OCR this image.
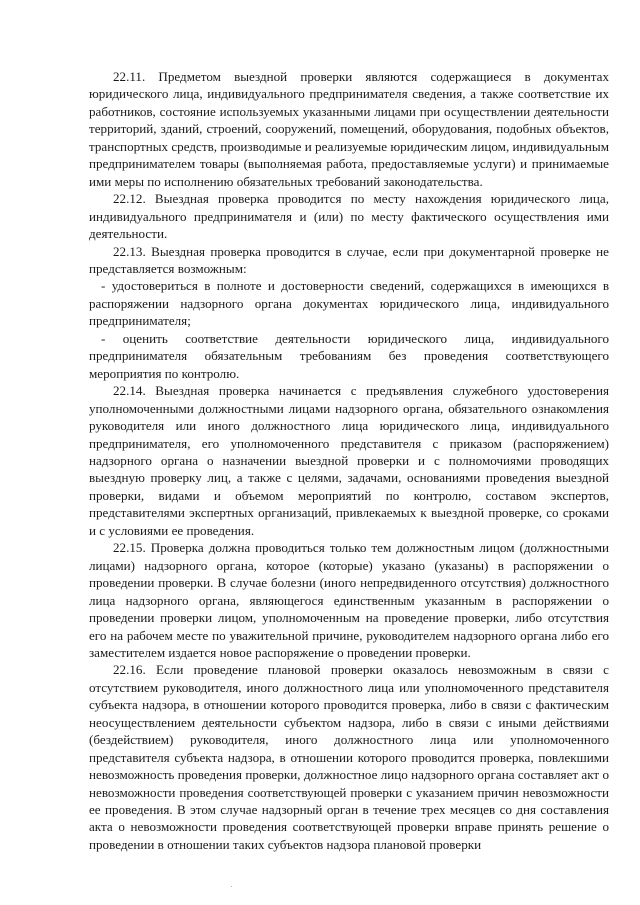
22.11. Предметом выездной проверки являются содержащиеся в документах юридического лица, индивидуального предпринимателя сведения, а также соответствие их работников, состояние используемых указанными лицами при осуществлении деятельности территорий, зданий, строений, сооружений, помещений, оборудования, подобных объектов, транспортных средств, производимые и реализуемые юридическим лицом, индивидуальным предпринимателем товары (выполняемая работа, предоставляемые услуги) и принимаемые ими меры по исполнению обязательных требований законодательства.

22.12. Выездная проверка проводится по месту нахождения юридического лица, индивидуального предпринимателя и (или) по месту фактического осуществления ими деятельности.

22.13. Выездная проверка проводится в случае, если при документарной проверке не представляется возможным:

- удостовериться в полноте и достоверности сведений, содержащихся в имеющихся в распоряжении надзорного органа документах юридического лица, индивидуального предпринимателя;

- оценить соответствие деятельности юридического лица, индивидуального предпринимателя обязательным требованиям без проведения соответствующего мероприятия по контролю.

22.14. Выездная проверка начинается с предъявления служебного удостоверения уполномоченными должностными лицами надзорного органа, обязательного ознакомления руководителя или иного должностного лица юридического лица, индивидуального предпринимателя, его уполномоченного представителя с приказом (распоряжением) надзорного органа о назначении выездной проверки и с полномочиями проводящих выездную проверку лиц, а также с целями, задачами, основаниями проведения выездной проверки, видами и объемом мероприятий по контролю, составом экспертов, представителями экспертных организаций, привлекаемых к выездной проверке, со сроками и с условиями ее проведения.

22.15. Проверка должна проводиться только тем должностным лицом (должностными лицами) надзорного органа, которое (которые) указано (указаны) в распоряжении о проведении проверки. В случае болезни (иного непредвиденного отсутствия) должностного лица надзорного органа, являющегося единственным указанным в распоряжении о проведении проверки лицом, уполномоченным на проведение проверки, либо отсутствия его на рабочем месте по уважительной причине, руководителем надзорного органа либо его заместителем издается новое распоряжение о проведении проверки.

22.16. Если проведение плановой проверки оказалось невозможным в связи с отсутствием руководителя, иного должностного лица или уполномоченного представителя субъекта надзора, в отношении которого проводится проверка, либо в связи с фактическим неосуществлением деятельности субъектом надзора, либо в связи с иными действиями (бездействием) руководителя, иного должностного лица или уполномоченного представителя субъекта надзора, в отношении которого проводится проверка, повлекшими невозможность проведения проверки, должностное лицо надзорного органа составляет акт о невозможности проведения соответствующей проверки с указанием причин невозможности ее проведения. В этом случае надзорный орган в течение трех месяцев со дня составления акта о невозможности проведения соответствующей проверки вправе принять решение о проведении в отношении таких субъектов надзора плановой проверки
